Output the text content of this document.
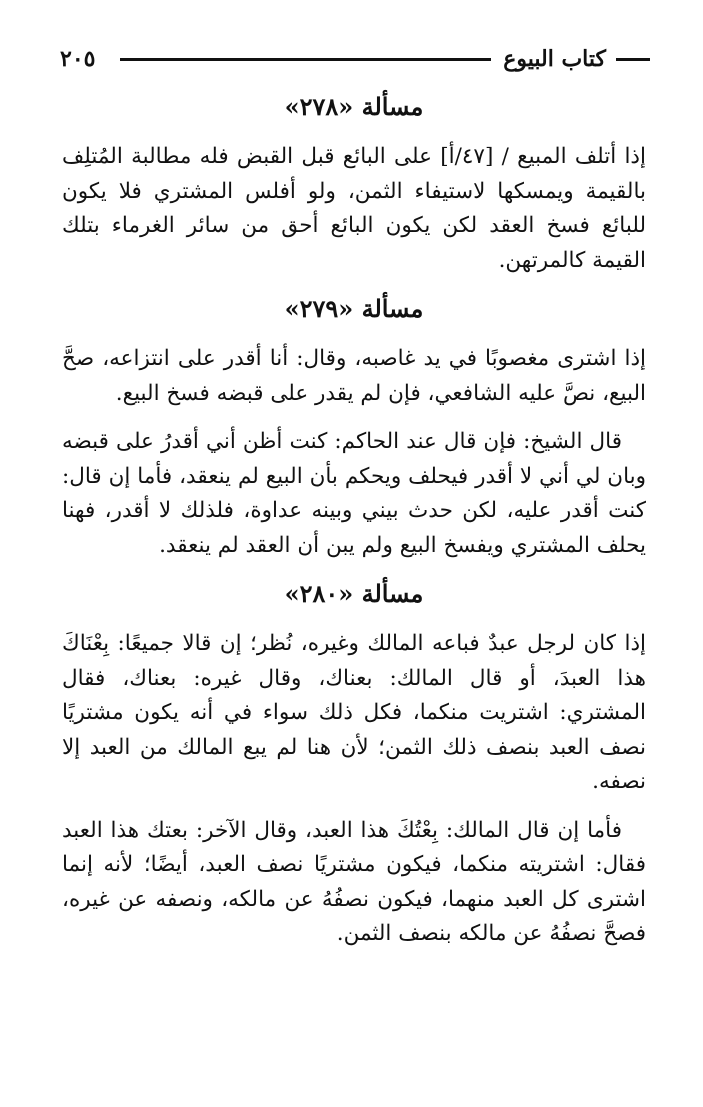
٢٠٥	كتاب البيوع
مسألة «٢٧٨»

إذا أتلف المبيع / [٤٧/أ] على البائع قبل القبض فله مطالبة المُتلِف بالقيمة ويمسكها لاستيفاء الثمن، ولو أفلس المشتري فلا يكون للبائع فسخ العقد لكن يكون البائع أحق من سائر الغرماء بتلك القيمة كالمرتهن.

مسألة «٢٧٩»

إذا اشترى مغصوبًا في يد غاصبه، وقال: أنا أقدر على انتزاعه، صحَّ البيع، نصَّ عليه الشافعي، فإن لم يقدر على قبضه فسخ البيع.

قال الشيخ: فإن قال عند الحاكم: كنت أظن أني أقدرُ على قبضه وبان لي أني لا أقدر فيحلف ويحكم بأن البيع لم ينعقد، فأما إن قال: كنت أقدر عليه، لكن حدث بيني وبينه عداوة، فلذلك لا أقدر، فهنا يحلف المشتري ويفسخ البيع ولم يبن أن العقد لم ينعقد.

مسألة «٢٨٠»

إذا كان لرجل عبدٌ فباعه المالك وغيره، نُظر؛ إن قالا جميعًا: بِعْنَاكَ هذا العبدَ، أو قال المالك: بعناك، وقال غيره: بعناك، فقال المشتري: اشتريت منكما، فكل ذلك سواء في أنه يكون مشتريًا نصف العبد بنصف ذلك الثمن؛ لأن هنا لم يبع المالك من العبد إلا نصفه.

فأما إن قال المالك: بِعْتُكَ هذا العبد، وقال الآخر: بعتك هذا العبد فقال: اشتريته منكما، فيكون مشتريًا نصف العبد، أيضًا؛ لأنه إنما اشترى كل العبد منهما، فيكون نصفُهُ عن مالكه، ونصفه عن غيره، فصحَّ نصفُهُ عن مالكه بنصف الثمن.
